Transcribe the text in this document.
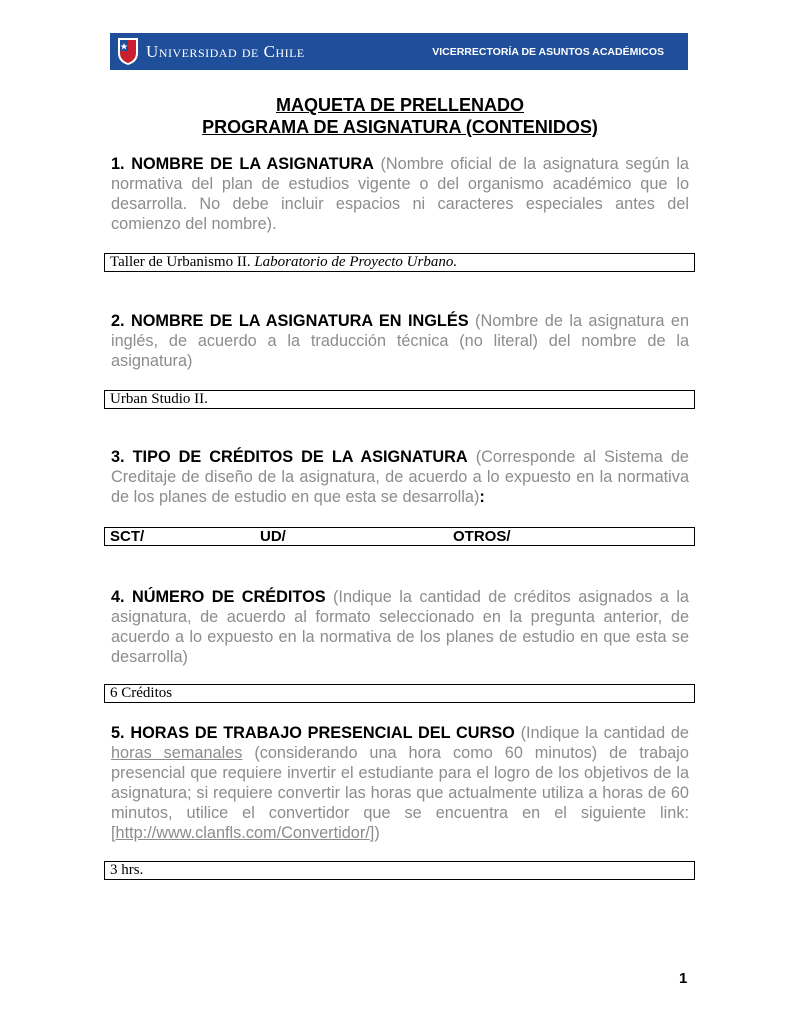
Universidad de Chile	VICERRECTORÍA DE ASUNTOS ACADÉMICOS
MAQUETA DE PRELLENADO
PROGRAMA DE ASIGNATURA (CONTENIDOS)
1. NOMBRE DE LA ASIGNATURA (Nombre oficial de la asignatura según la normativa del plan de estudios vigente o del organismo académico que lo desarrolla. No debe incluir espacios ni caracteres especiales antes del comienzo del nombre).
Taller de Urbanismo II. Laboratorio de Proyecto Urbano.
2. NOMBRE DE LA ASIGNATURA EN INGLÉS (Nombre de la asignatura en inglés, de acuerdo a la traducción técnica (no literal) del nombre de la asignatura)
Urban Studio II.
3. TIPO DE CRÉDITOS DE LA ASIGNATURA (Corresponde al Sistema de Creditaje de diseño de la asignatura, de acuerdo a lo expuesto en la normativa de los planes de estudio en que esta se desarrolla):
SCT/	UD/	OTROS/
4. NÚMERO DE CRÉDITOS (Indique la cantidad de créditos asignados a la asignatura, de acuerdo al formato seleccionado en la pregunta anterior, de acuerdo a lo expuesto en la normativa de los planes de estudio en que esta se desarrolla)
6 Créditos
5. HORAS DE TRABAJO PRESENCIAL DEL CURSO (Indique la cantidad de horas semanales (considerando una hora como 60 minutos) de trabajo presencial que requiere invertir el estudiante para el logro de los objetivos de la asignatura; si requiere convertir las horas que actualmente utiliza a horas de 60 minutos, utilice el convertidor que se encuentra en el siguiente link: [http://www.clanfls.com/Convertidor/])
3 hrs.
1
